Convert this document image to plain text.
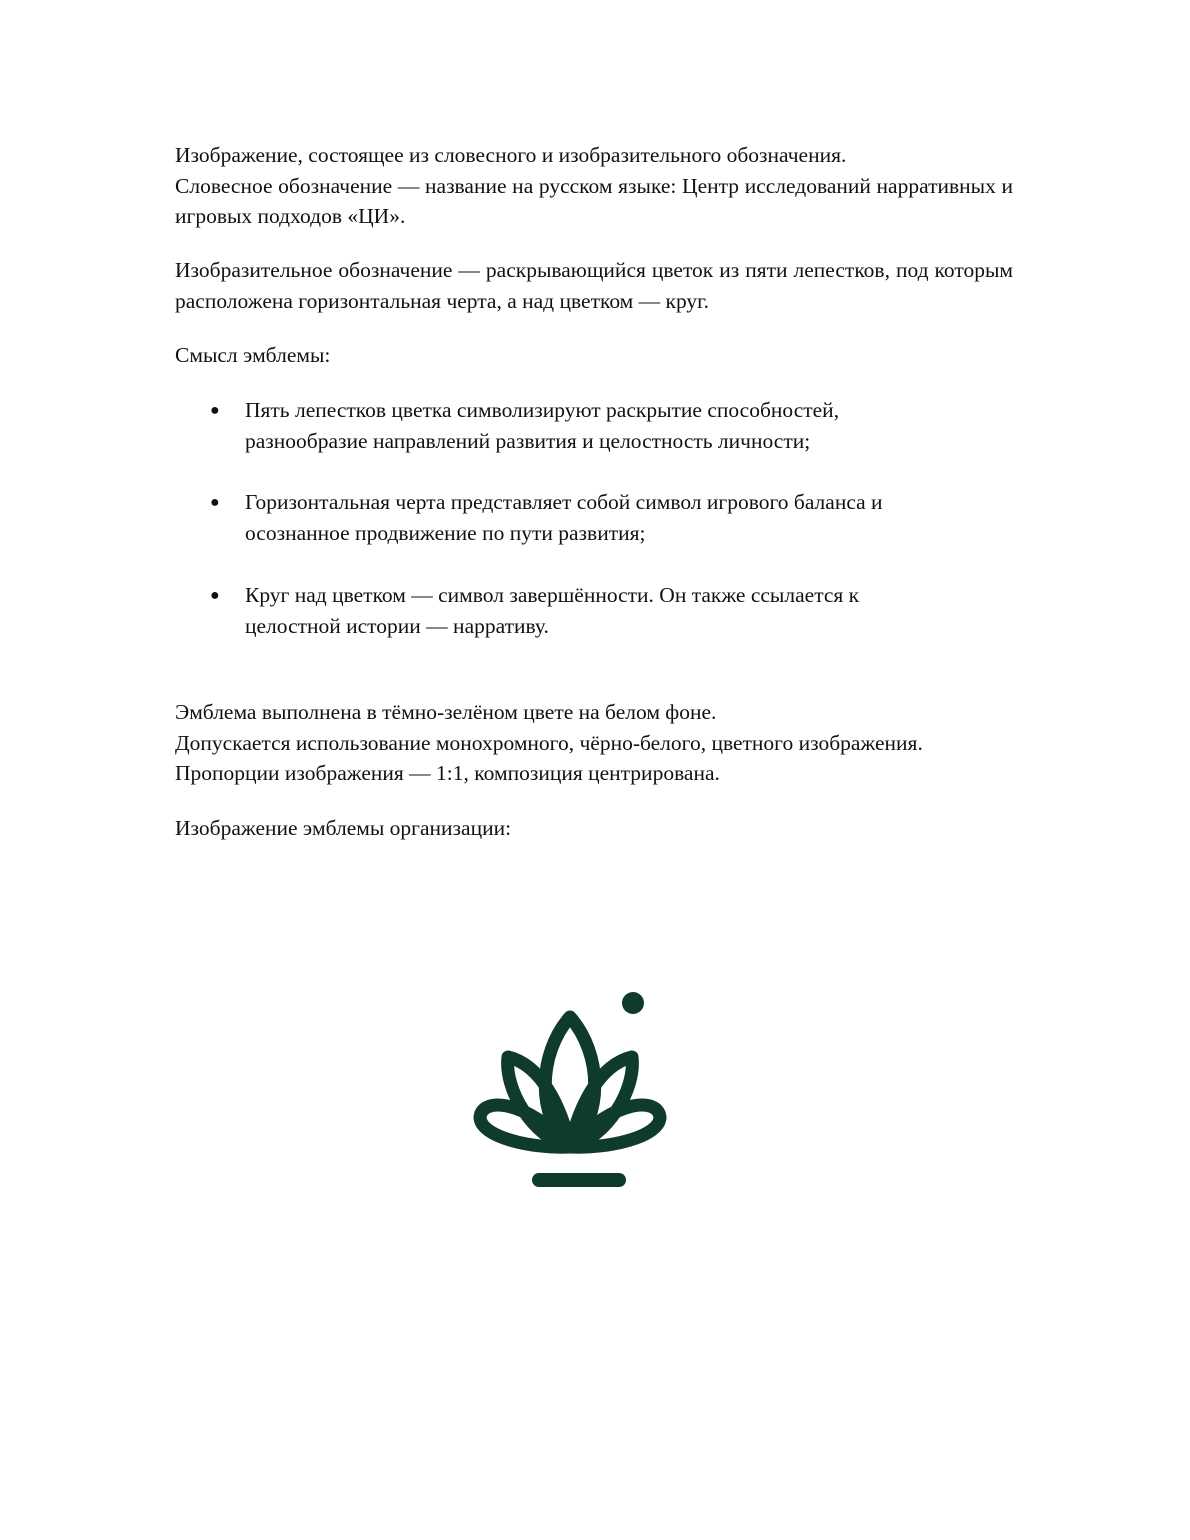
Изображение, состоящее из словесного и изобразительного обозначения.
Словесное обозначение — название на русском языке: Центр исследований нарративных и игровых подходов «ЦИ».

Изобразительное обозначение — раскрывающийся цветок из пяти лепестков, под которым расположена горизонтальная черта, а над цветком — круг.

Смысл эмблемы:

●	Пять лепестков цветка символизируют раскрытие способностей,
разнообразие направлений развития и целостность личности;
●	Горизонтальная черта представляет собой символ игрового баланса и
осознанное продвижение по пути развития;
●	Круг над цветком — символ завершённости. Он также ссылается к
целостной истории — нарративу.

Эмблема выполнена в тёмно-зелёном цвете на белом фоне.
Допускается использование монохромного, чёрно-белого, цветного изображения.
Пропорции изображения — 1:1, композиция центрирована.

Изображение эмблемы организации:
